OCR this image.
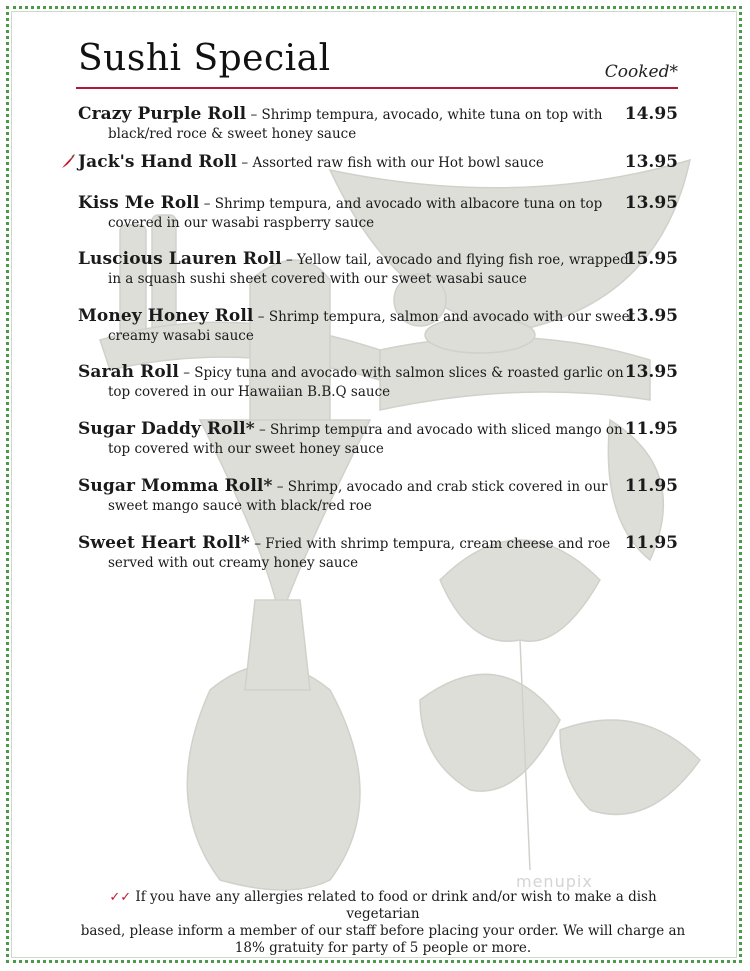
Sushi Special	Cooked*
Crazy Purple Roll – Shrimp tempura, avocado, white tuna on top with
black/red roce & sweet honey sauce
14.95
Jack's Hand Roll – Assorted raw fish with our Hot bowl sauce	13.95
Kiss Me Roll – Shrimp tempura, and avocado with albacore tuna on top
covered in our wasabi raspberry sauce
13.95
Luscious Lauren Roll – Yellow tail, avocado and flying fish roe, wrapped
in a squash sushi sheet covered with our sweet wasabi sauce
15.95
Money Honey Roll – Shrimp tempura, salmon and avocado with our sweet
creamy wasabi sauce
13.95
Sarah Roll – Spicy tuna and avocado with salmon slices & roasted garlic on
top covered in our Hawaiian B.B.Q sauce
13.95
Sugar Daddy Roll* – Shrimp tempura and avocado with sliced mango on
top covered with our sweet honey sauce
11.95
Sugar Momma Roll* – Shrimp, avocado and crab stick covered in our
sweet mango sauce with black/red roe
11.95
Sweet Heart Roll* – Fried with shrimp tempura, cream cheese and roe
served with out creamy honey sauce
11.95
menupix
✓✓ If you have any allergies related to food or drink and/or wish to make a dish vegetarian
based, please inform a member of our staff before placing your order. We will charge an
18% gratuity for party of 5 people or more.
